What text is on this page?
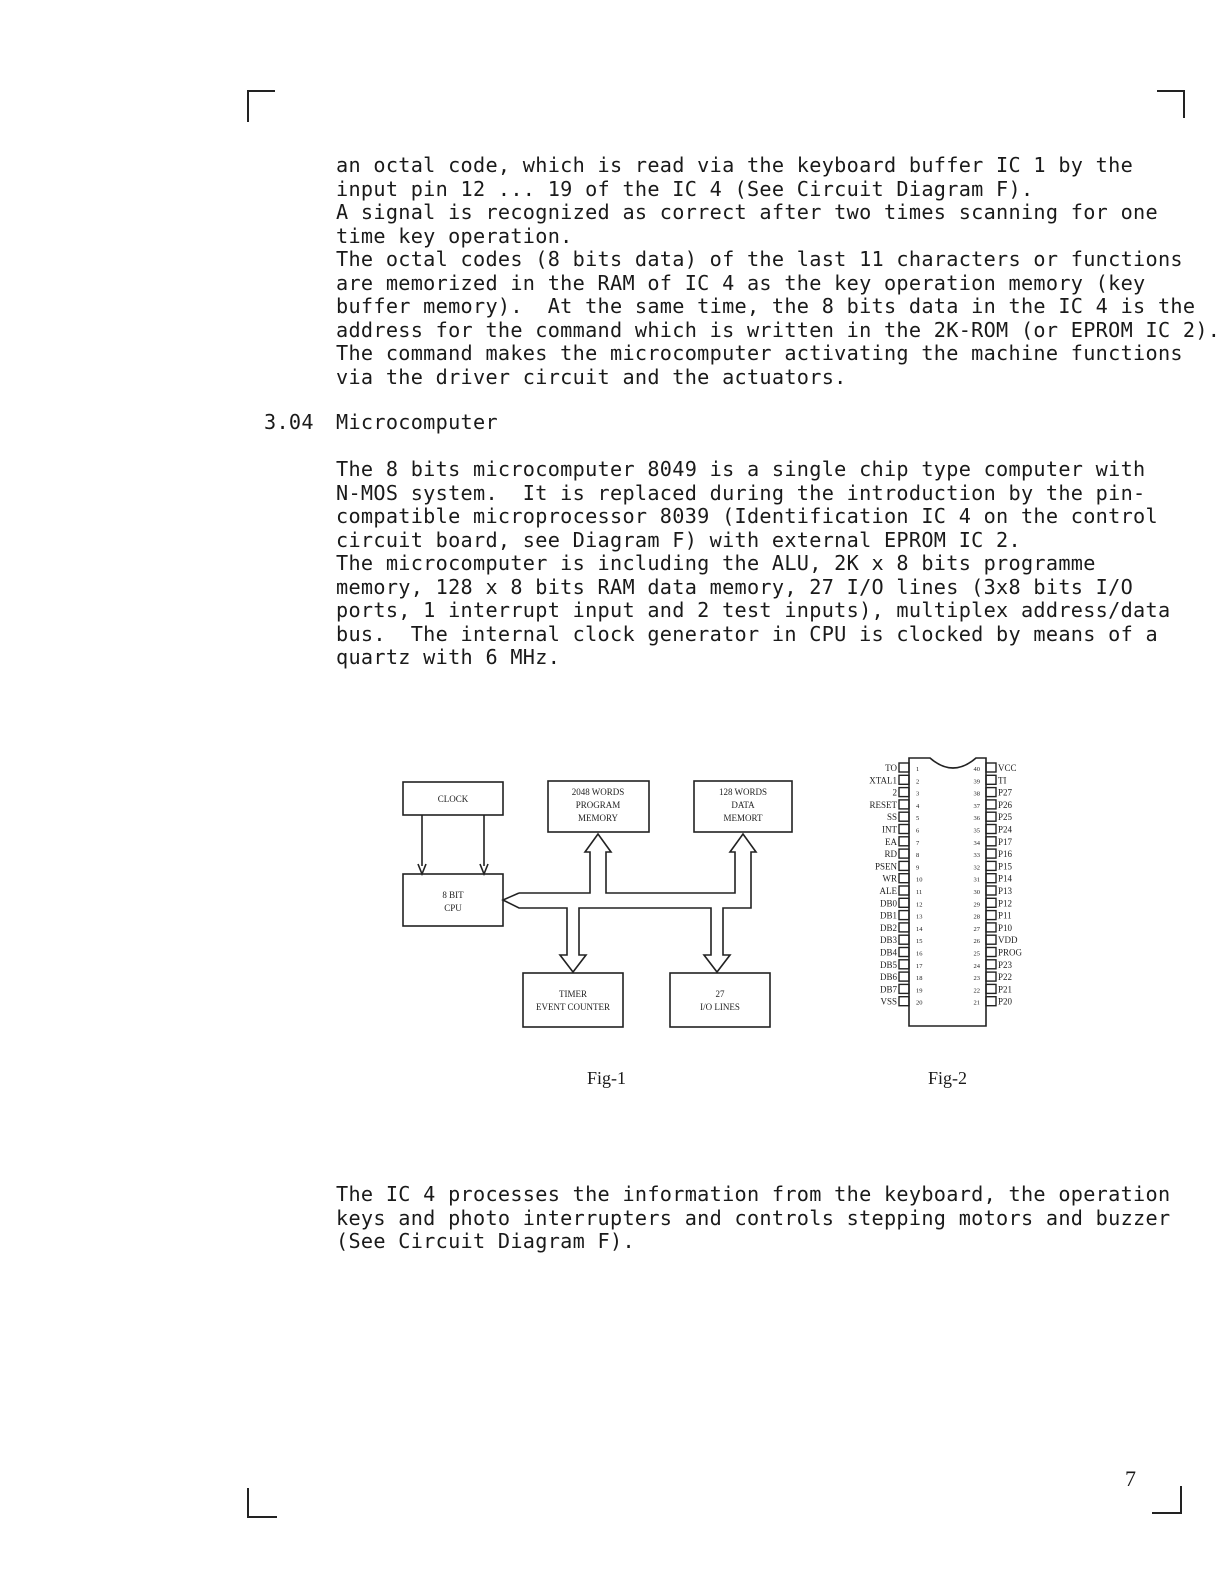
an octal code, which is read via the keyboard buffer IC 1 by the
input pin 12 ... 19 of the IC 4 (See Circuit Diagram F).
A signal is recognized as correct after two times scanning for one
time key operation.
The octal codes (8 bits data) of the last 11 characters or functions
are memorized in the RAM of IC 4 as the key operation memory (key
buffer memory).  At the same time, the 8 bits data in the IC 4 is the
address for the command which is written in the 2K-ROM (or EPROM IC 2).
The command makes the microcomputer activating the machine functions
via the driver circuit and the actuators.
3.04 Microcomputer
The 8 bits microcomputer 8049 is a single chip type computer with
N-MOS system.  It is replaced during the introduction by the pin-
compatible microprocessor 8039 (Identification IC 4 on the control
circuit board, see Diagram F) with external EPROM IC 2.
The microcomputer is including the ALU, 2K x 8 bits programme
memory, 128 x 8 bits RAM data memory, 27 I/O lines (3x8 bits I/O
ports, 1 interrupt input and 2 test inputs), multiplex address/data
bus.  The internal clock generator in CPU is clocked by means of a
quartz with 6 MHz.
CLOCK
8 BIT
CPU
2048 WORDS
PROGRAM
MEMORY
128 WORDS
DATA
MEMORT
TIMER
EVENT COUNTER
27
I/O LINES
TO	1
XTAL1	2
2	3
RESET	4
SS	5
INT	6
EA	7
RD	8
PSEN	9
WR	10
ALE	11
DB0	12
DB1	13
DB2	14
DB3	15
DB4	16
DB5	17
DB6	18
DB7	19
VSS	20
40 VCC
39 TI
38 P27
37 P26
36 P25
35 P24
34 P17
33 P16
32 P15
31 P14
30 P13
29 P12
28 P11
27 P10
26 VDD
25 PROG
24 P23
23 P22
22 P21
21 P20
Fig-1	Fig-2
The IC 4 processes the information from the keyboard, the operation
keys and photo interrupters and controls stepping motors and buzzer
(See Circuit Diagram F).
7
